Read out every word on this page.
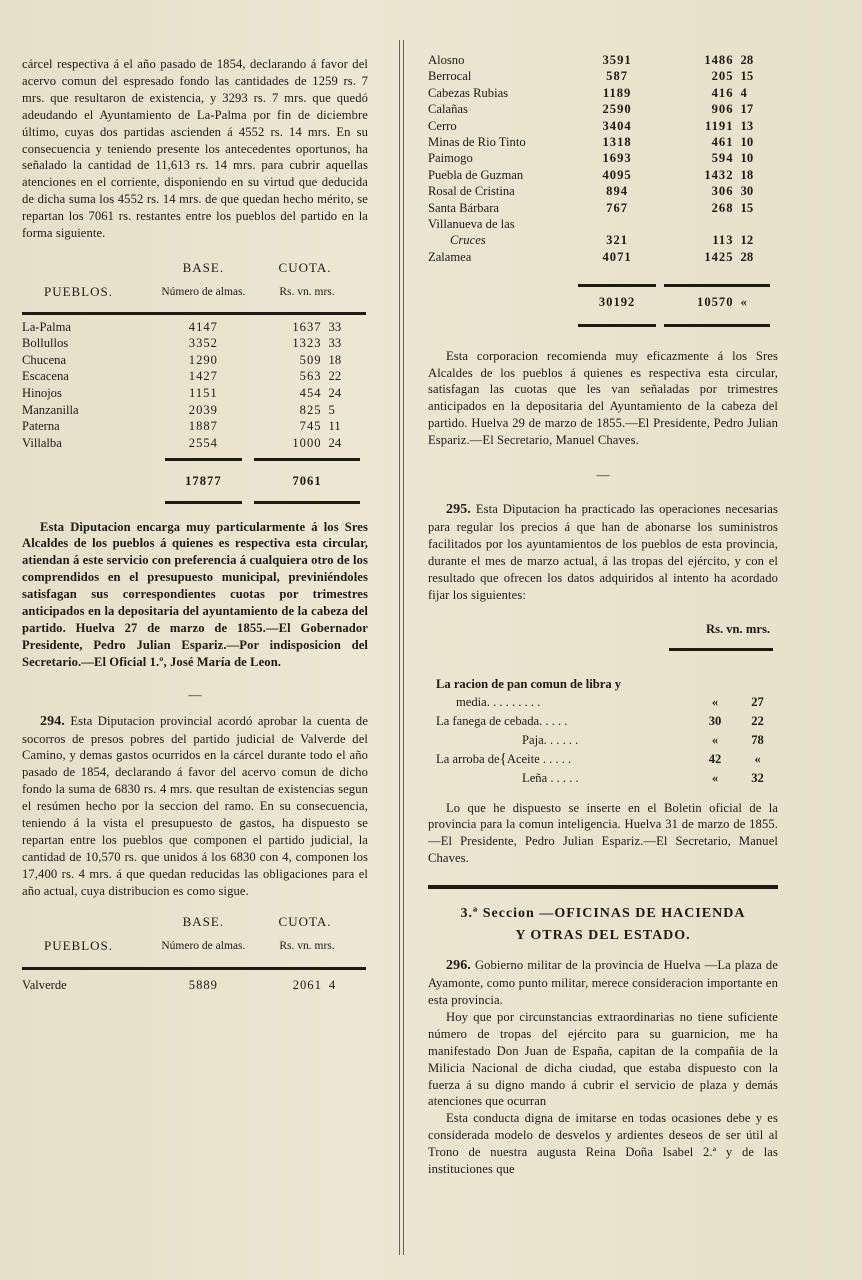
cárcel respectiva á el año pasado de 1854, declarando á favor del acervo comun del espresado fondo las cantidades de 1259 rs. 7 mrs. que resultaron de existencia, y 3293 rs. 7 mrs. que quedó adeudando el Ayuntamiento de La-Palma por fin de diciembre último, cuyas dos partidas ascienden á 4552 rs. 14 mrs. En su consecuencia y teniendo presente los antecedentes oportunos, ha señalado la cantidad de 11,613 rs. 14 mrs. para cubrir aquellas atenciones en el corriente, disponiendo en su virtud que deducida de dicha suma los 4552 rs. 14 mrs. de que quedan hecho mérito, se repartan los 7061 rs. restantes entre los pueblos del partido en la forma siguiente.

	BASE.	CUOTA.	
PUEBLOS.	Número de almas.	Rs. vn. mrs.	

La-Palma	4147	1637	33
Bollullos	3352	1323	33
Chucena	1290	509	18
Escacena	1427	563	22
Hinojos	1151	454	24
Manzanilla	2039	825	5
Paterna	1887	745	11
Villalba	2554	1000	24

	17877	7061	

Esta Diputacion encarga muy particularmente á los Sres Alcaldes de los pueblos á quienes es respectiva esta circular, atiendan á este servicio con preferencia á cualquiera otro de los comprendidos en el presupuesto municipal, previniéndoles satisfagan sus correspondientes cuotas por trimestres anticipados en la depositaria del ayuntamiento de la cabeza del partido. Huelva 27 de marzo de 1855.—El Gobernador Presidente, Pedro Julian Espariz.—Por indisposicion del Secretario.—El Oficial 1.º, José María de Leon.

—

294. Esta Diputacion provincial acordó aprobar la cuenta de socorros de presos pobres del partido judicial de Valverde del Camino, y demas gastos ocurridos en la cárcel durante todo el año pasado de 1854, declarando á favor del acervo comun de dicho fondo la suma de 6830 rs. 4 mrs. que resultan de existencias segun el resúmen hecho por la seccion del ramo. En su consecuencia, teniendo á la vista el presupuesto de gastos, ha dispuesto se repartan entre los pueblos que componen el partido judicial, la cantidad de 10,570 rs. que unidos á los 6830 con 4, componen los 17,400 rs. 4 mrs. á que quedan reducidas las obligaciones para el año actual, cuya distribucion es como sigue.

	BASE.	CUOTA.	
PUEBLOS.	Número de almas.	Rs. vn. mrs.	

Valverde	5889	2061	4
Alosno	3591	1486	28
Berrocal	587	205	15
Cabezas Rubias	1189	416	4
Calañas	2590	906	17
Cerro	3404	1191	13
Minas de Rio Tinto	1318	461	10
Paimogo	1693	594	10
Puebla de Guzman	4095	1432	18
Rosal de Cristina	894	306	30
Santa Bárbara	767	268	15
Villanueva de las			
Cruces	321	113	12
Zalamea	4071	1425	28

	30192	10570	«

Esta corporacion recomienda muy eficazmente á los Sres Alcaldes de los pueblos á quienes es respectiva esta circular, satisfagan las cuotas que les van señaladas por trimestres anticipados en la depositaria del Ayuntamiento de la cabeza del partido. Huelva 29 de marzo de 1855.—El Presidente, Pedro Julian Espariz.—El Secretario, Manuel Chaves.

—

295. Esta Diputacion ha practicado las operaciones necesarias para regular los precios á que han de abonarse los suministros facilitados por los ayuntamientos de los pueblos de esta provincia, durante el mes de marzo actual, á las tropas del ejército, y con el resultado que ofrecen los datos adquiridos al intento ha acordado fijar los siguientes:

Rs. vn. mrs.		

La racion de pan comun de libra y		
media. . . . . . . . .	«	27
La fanega de cebada. . . . .	30	22
Paja. . . . . .	«	78
La arroba de{Aceite . . . . .	42	«
Leña . . . . .	«	32

Lo que he dispuesto se inserte en el Boletin oficial de la provincia para la comun inteligencia. Huelva 31 de marzo de 1855.—El Presidente, Pedro Julian Espariz.—El Secretario, Manuel Chaves.

3.ª Seccion —OFICINAS DE HACIENDA
Y OTRAS DEL ESTADO.

296. Gobierno militar de la provincia de Huelva —La plaza de Ayamonte, como punto militar, merece consideracion importante en esta provincia.

Hoy que por circunstancias extraordinarias no tiene suficiente número de tropas del ejército para su guarnicion, me ha manifestado Don Juan de España, capitan de la compañia de la Milicia Nacional de dicha ciudad, que estaba dispuesto con la fuerza á su digno mando á cubrir el servicio de plaza y demás atenciones que ocurran

Esta conducta digna de imitarse en todas ocasiones debe y es considerada modelo de desvelos y ardientes deseos de ser útil al Trono de nuestra augusta Reina Doña Isabel 2.ª y de las instituciones que
